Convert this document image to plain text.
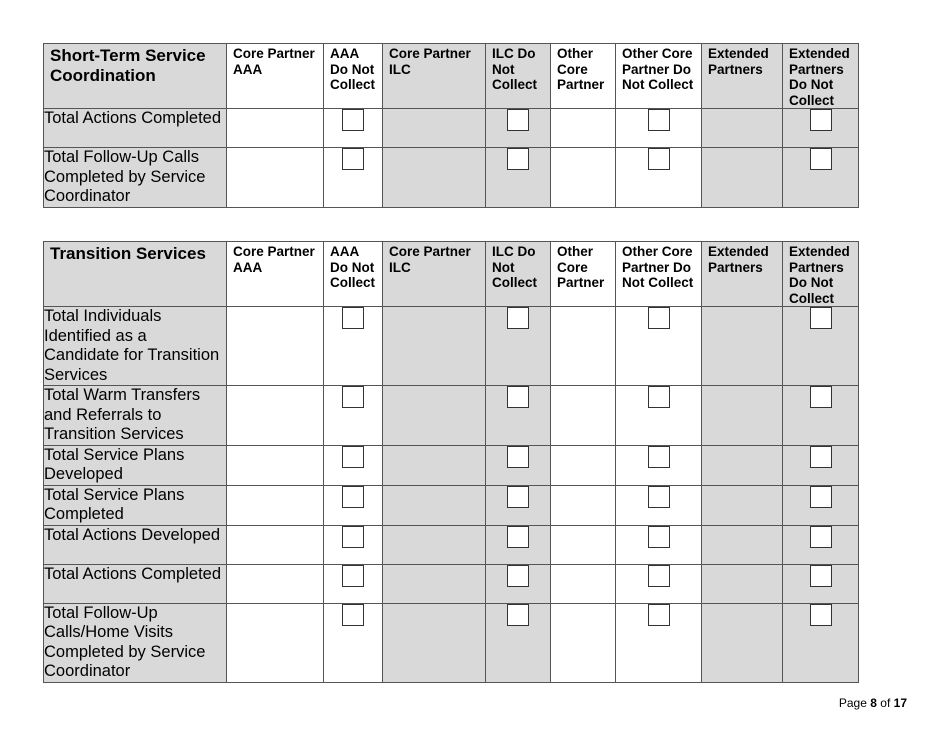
Short-Term Service Coordination	Core Partner AAA	AAA Do Not Collect	Core Partner ILC	ILC Do Not Collect	Other Core Partner	Other Core Partner Do Not Collect	Extended Partners	Extended Partners Do Not Collect

Total Actions Completed								
Total Follow-Up Calls Completed by Service Coordinator								
Transition Services	Core Partner AAA	AAA Do Not Collect	Core Partner ILC	ILC Do Not Collect	Other Core Partner	Other Core Partner Do Not Collect	Extended Partners	Extended Partners Do Not Collect

Total Individuals Identified as a Candidate for Transition Services								
Total Warm Transfers and Referrals to Transition Services								
Total Service Plans Developed								
Total Service Plans Completed								
Total Actions Developed								
Total Actions Completed								
Total Follow-Up Calls/Home Visits Completed by Service Coordinator								
Page 8 of 17
